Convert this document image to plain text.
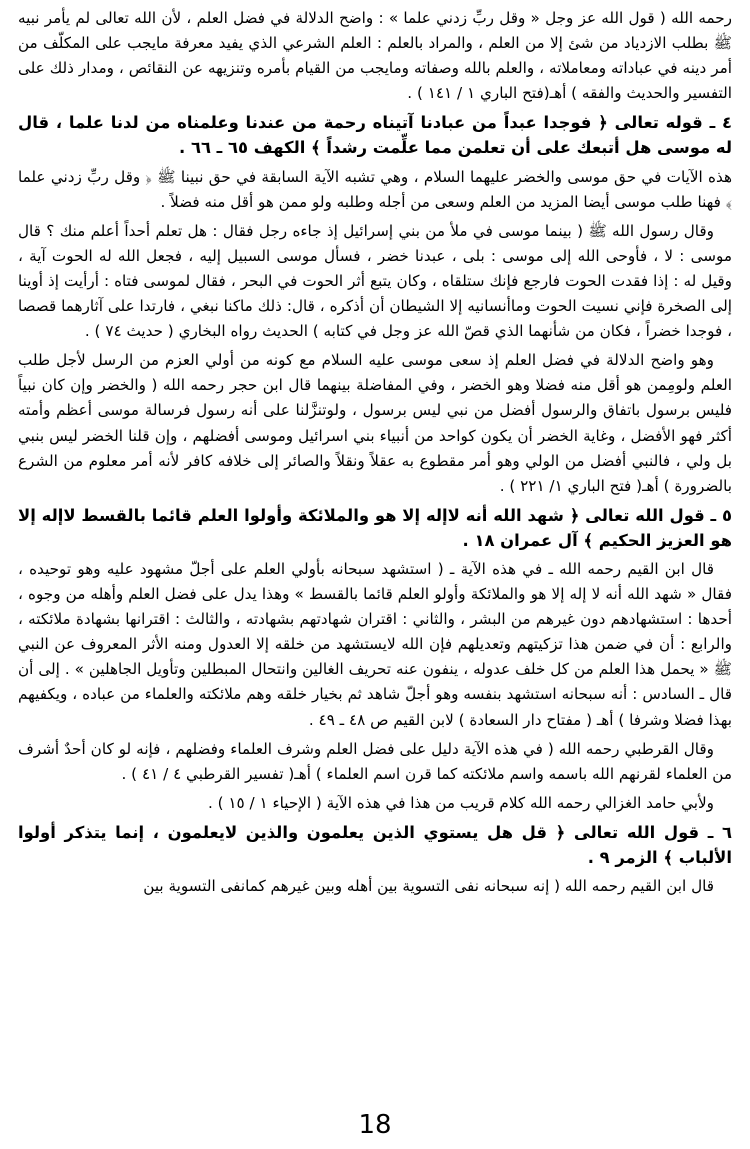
رحمه الله ( قول الله عز وجل « وقل ربِّ زدني علما » : واضح الدلالة في فضل العلم ، لأن الله تعالى لم يأمر نبيه ﷺ بطلب الازدياد من شئ إلا من العلم ، والمراد بالعلم : العلم الشرعي الذي يفيد معرفة مايجب على المكلّف من أمر دينه في عباداته ومعاملاته ، والعلم بالله وصفاته ومايجب من القيام بأمره وتنزيهه عن النقائص ، ومدار ذلك على التفسير والحديث والفقه ) أهـ(فتح الباري ١ / ١٤١ ) .

٤ ـ قوله تعالى ﴿ فوجدا عبداً من عبادنا آتيناه رحمة من عندنا وعلمناه من لدنا علما ، قال له موسى هل أتبعك على أن تعلمن مما علِّمت رشداً ﴾ الكهف ٦٥ ـ ٦٦ .

هذه الآيات في حق موسى والخضر عليهما السلام ، وهي تشبه الآية السابقة في حق نبينا ﷺ ﴿ وقل ربِّ زدني علما ﴾ فهنا طلب موسى أيضا المزيد من العلم وسعى من أجله وطلبه ولو ممن هو أقل منه فضلاً .

وقال رسول الله ﷺ ( بينما موسى في ملأ من بني إسرائيل إذ جاءه رجل فقال : هل تعلم أحداً أعلم منك ؟ قال موسى : لا ، فأوحى الله إلى موسى : بلى ، عبدنا خضر ، فسأل موسى السبيل إليه ، فجعل الله له الحوت آية ، وقيل له : إذا فقدت الحوت فارجع فإنك ستلقاه ، وكان يتبع أثر الحوت في البحر ، فقال لموسى فتاه : أرأيت إذ أوينا إلى الصخرة فإني نسيت الحوت وماأنسانيه إلا الشيطان أن أذكره ، قال: ذلك ماكنا نبغي ، فارتدا على آثارهما قصصا ، فوجدا خضراً ، فكان من شأنهما الذي قصّ الله عز وجل في كتابه ) الحديث رواه البخاري ( حديث ٧٤ ) .

وهو واضح الدلالة في فضل العلم إذ سعى موسى عليه السلام مع كونه من أولي العزم من الرسل لأجل طلب العلم ولومِمن هو أقل منه فضلا وهو الخضر ، وفي المفاضلة بينهما قال ابن حجر رحمه الله ( والخضر وإن كان نبياً فليس برسول باتفاق والرسول أفضل من نبي ليس برسول ، ولوتنزَّلنا على أنه رسول فرسالة موسى أعظم وأمته أكثر فهو الأفضل ، وغاية الخضر أن يكون كواحد من أنبياء بني اسرائيل وموسى أفضلهم ، وإن قلنا الخضر ليس بنبي بل ولي ، فالنبي أفضل من الولي وهو أمر مقطوع به عقلاً ونقلاً والصائر إلى خلافه كافر لأنه أمر معلوم من الشرع بالضرورة ) أهـ( فتح الباري ١/ ٢٢١ ) .

٥ ـ قول الله تعالى ﴿ شهد الله أنه لاإله إلا هو والملائكة وأولوا العلم قائما بالقسط لاإله إلا هو العزيز الحكيم ﴾ آل عمران ١٨ .

قال ابن القيم رحمه الله ـ في هذه الآية ـ ( استشهد سبحانه بأولي العلم على أجلّ مشهود عليه وهو توحيده ، فقال « شهد الله أنه لا إله إلا هو والملائكة وأولو العلم قائما بالقسط » وهذا يدل على فضل العلم وأهله من وجوه ، أحدها : استشهادهم دون غيرهم من البشر ، والثاني : اقتران شهادتهم بشهادته ، والثالث : اقترانها بشهادة ملائكته ، والرابع : أن في ضمن هذا تزكيتهم وتعديلهم فإن الله لايستشهد من خلقه إلا العدول ومنه الأثر المعروف عن النبي ﷺ « يحمل هذا العلم من كل خلف عدوله ، ينفون عنه تحريف الغالين وانتحال المبطلين وتأويل الجاهلين » . إلى أن قال ـ السادس : أنه سبحانه استشهد بنفسه وهو أجلّ شاهد ثم بخيار خلقه وهم ملائكته والعلماء من عباده ، ويكفيهم بهذا فضلا وشرفا ) أهـ ( مفتاح دار السعادة ) لابن القيم ص ٤٨ ـ ٤٩ .

وقال القرطبي رحمه الله ( في هذه الآية دليل على فضل العلم وشرف العلماء وفضلهم ، فإنه لو كان أحدٌ أشرف من العلماء لقرنهم الله باسمه واسم ملائكته كما قرن اسم العلماء ) أهـ( تفسير القرطبي ٤ / ٤١ ) .

ولأبي حامد الغزالي رحمه الله كلام قريب من هذا في هذه الآية ( الإحياء ١ / ١٥ ) .

٦ ـ قول الله تعالى ﴿ قل هل يستوي الذين يعلمون والذين لايعلمون ، إنما يتذكر أولوا الألباب ﴾ الزمر ٩ .

قال ابن القيم رحمه الله ( إنه سبحانه نفى التسوية بين أهله وبين غيرهم كمانفى التسوية بين

18
